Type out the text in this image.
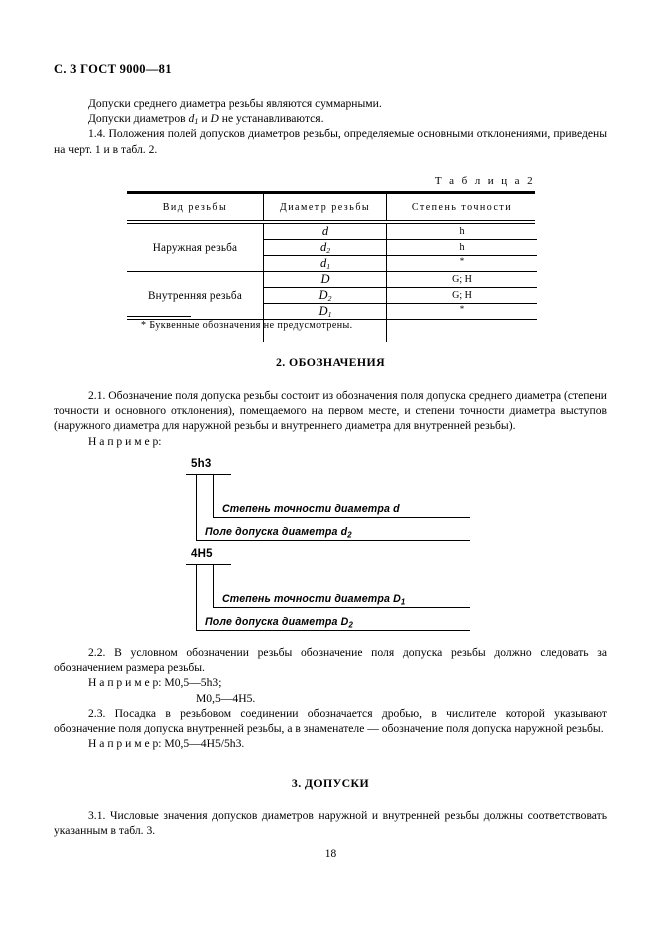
С. 3 ГОСТ 9000—81

Допуски среднего диаметра резьбы являются суммарными.

Допуски диаметров $d_1$ и D не устанавливаются.

1.4. Положения полей допусков диаметров резьбы, определяемые основными отклонениями, приведены на черт. 1 и в табл. 2.

Т а б л и ц а 2
Вид резьбы	Диаметр резьбы	Степень точности
Наружная резьба	d	h
	$d_2$	h
	$d_1$	*
Внутренняя резьба	D	G; H
	$D_2$	G; H
	$D_1$	*

* Буквенные обозначения не предусмотрены.
2. ОБОЗНАЧЕНИЯ

2.1. Обозначение поля допуска резьбы состоит из обозначения поля допуска среднего диаметра (степени точности и основного отклонения), помещаемого на первом месте, и степени точности диаметра выступов (наружного диаметра для наружной резьбы и внутреннего диаметра для внутренней резьбы).

Н а п р и м е р:

5h3
Степень точности диаметра d
Поле допуска диаметра $d_2$
4H5
Степень точности диаметра $D_1$
Поле допуска диаметра $D_2$

2.2. В условном обозначении резьбы обозначение поля допуска резьбы должно следовать за обозначением размера резьбы.

Н а п р и м е р: М0,5—5h3;

М0,5—4Н5.

2.3. Посадка в резьбовом соединении обозначается дробью, в числителе которой указывают обозначение поля допуска внутренней резьбы, а в знаменателе — обозначение поля допуска наружной резьбы.

Н а п р и м е р: М0,5—4Н5/5h3.

3. ДОПУСКИ

3.1. Числовые значения допусков диаметров наружной и внутренней резьбы должны соответствовать указанным в табл. 3.

18
